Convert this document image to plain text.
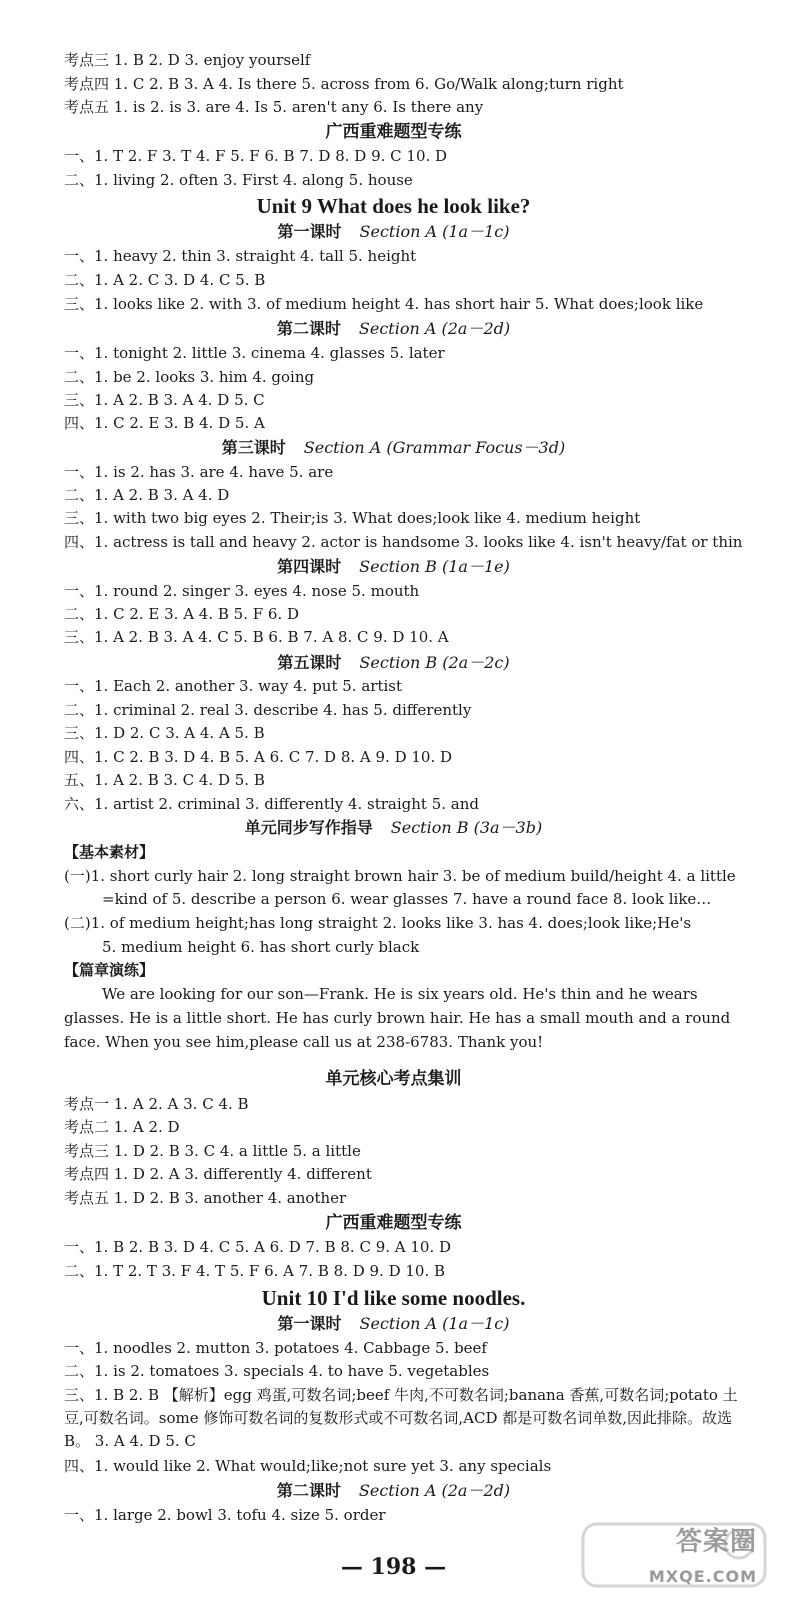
考点三 1. B 2. D 3. enjoy yourself
考点四 1. C 2. B 3. A 4. Is there 5. across from 6. Go/Walk along;turn right
考点五 1. is 2. is 3. are 4. Is 5. aren't any 6. Is there any
广西重难题型专练
一、1. T 2. F 3. T 4. F 5. F 6. B 7. D 8. D 9. C 10. D
二、1. living 2. often 3. First 4. along 5. house
Unit 9 What does he look like?
第一课时 Section A (1a－1c)
一、1. heavy 2. thin 3. straight 4. tall 5. height
二、1. A 2. C 3. D 4. C 5. B
三、1. looks like 2. with 3. of medium height 4. has short hair 5. What does;look like
第二课时 Section A (2a－2d)
一、1. tonight 2. little 3. cinema 4. glasses 5. later
二、1. be 2. looks 3. him 4. going
三、1. A 2. B 3. A 4. D 5. C
四、1. C 2. E 3. B 4. D 5. A
第三课时 Section A (Grammar Focus－3d)
一、1. is 2. has 3. are 4. have 5. are
二、1. A 2. B 3. A 4. D
三、1. with two big eyes 2. Their;is 3. What does;look like 4. medium height
四、1. actress is tall and heavy 2. actor is handsome 3. looks like 4. isn't heavy/fat or thin
第四课时 Section B (1a－1e)
一、1. round 2. singer 3. eyes 4. nose 5. mouth
二、1. C 2. E 3. A 4. B 5. F 6. D
三、1. A 2. B 3. A 4. C 5. B 6. B 7. A 8. C 9. D 10. A
第五课时 Section B (2a－2c)
一、1. Each 2. another 3. way 4. put 5. artist
二、1. criminal 2. real 3. describe 4. has 5. differently
三、1. D 2. C 3. A 4. A 5. B
四、1. C 2. B 3. D 4. B 5. A 6. C 7. D 8. A 9. D 10. D
五、1. A 2. B 3. C 4. D 5. B
六、1. artist 2. criminal 3. differently 4. straight 5. and
单元同步写作指导 Section B (3a－3b)
【基本素材】
(一)1. short curly hair 2. long straight brown hair 3. be of medium build/height 4. a little
=kind of 5. describe a person 6. wear glasses 7. have a round face 8. look like…
(二)1. of medium height;has long straight 2. looks like 3. has 4. does;look like;He's
5. medium height 6. has short curly black
【篇章演练】
We are looking for our son—Frank. He is six years old. He's thin and he wears glasses. He is a little short. He has curly brown hair. He has a small mouth and a round face. When you see him,please call us at 238-6783. Thank you!
单元核心考点集训
考点一 1. A 2. A 3. C 4. B
考点二 1. A 2. D
考点三 1. D 2. B 3. C 4. a little 5. a little
考点四 1. D 2. A 3. differently 4. different
考点五 1. D 2. B 3. another 4. another
广西重难题型专练
一、1. B 2. B 3. D 4. C 5. A 6. D 7. B 8. C 9. A 10. D
二、1. T 2. T 3. F 4. T 5. F 6. A 7. B 8. D 9. D 10. B
Unit 10 I'd like some noodles.
第一课时 Section A (1a－1c)
一、1. noodles 2. mutton 3. potatoes 4. Cabbage 5. beef
二、1. is 2. tomatoes 3. specials 4. to have 5. vegetables
三、1. B 2. B 【解析】egg 鸡蛋,可数名词;beef 牛肉,不可数名词;banana 香蕉,可数名词;potato 土豆,可数名词。some 修饰可数名词的复数形式或不可数名词,ACD 都是可数名词单数,因此排除。故选 B。 3. A 4. D 5. C
四、1. would like 2. What would;like;not sure yet 3. any specials
第二课时 Section A (2a－2d)
一、1. large 2. bowl 3. tofu 4. size 5. order
— 198 —
答案圈
MXQE.COM
